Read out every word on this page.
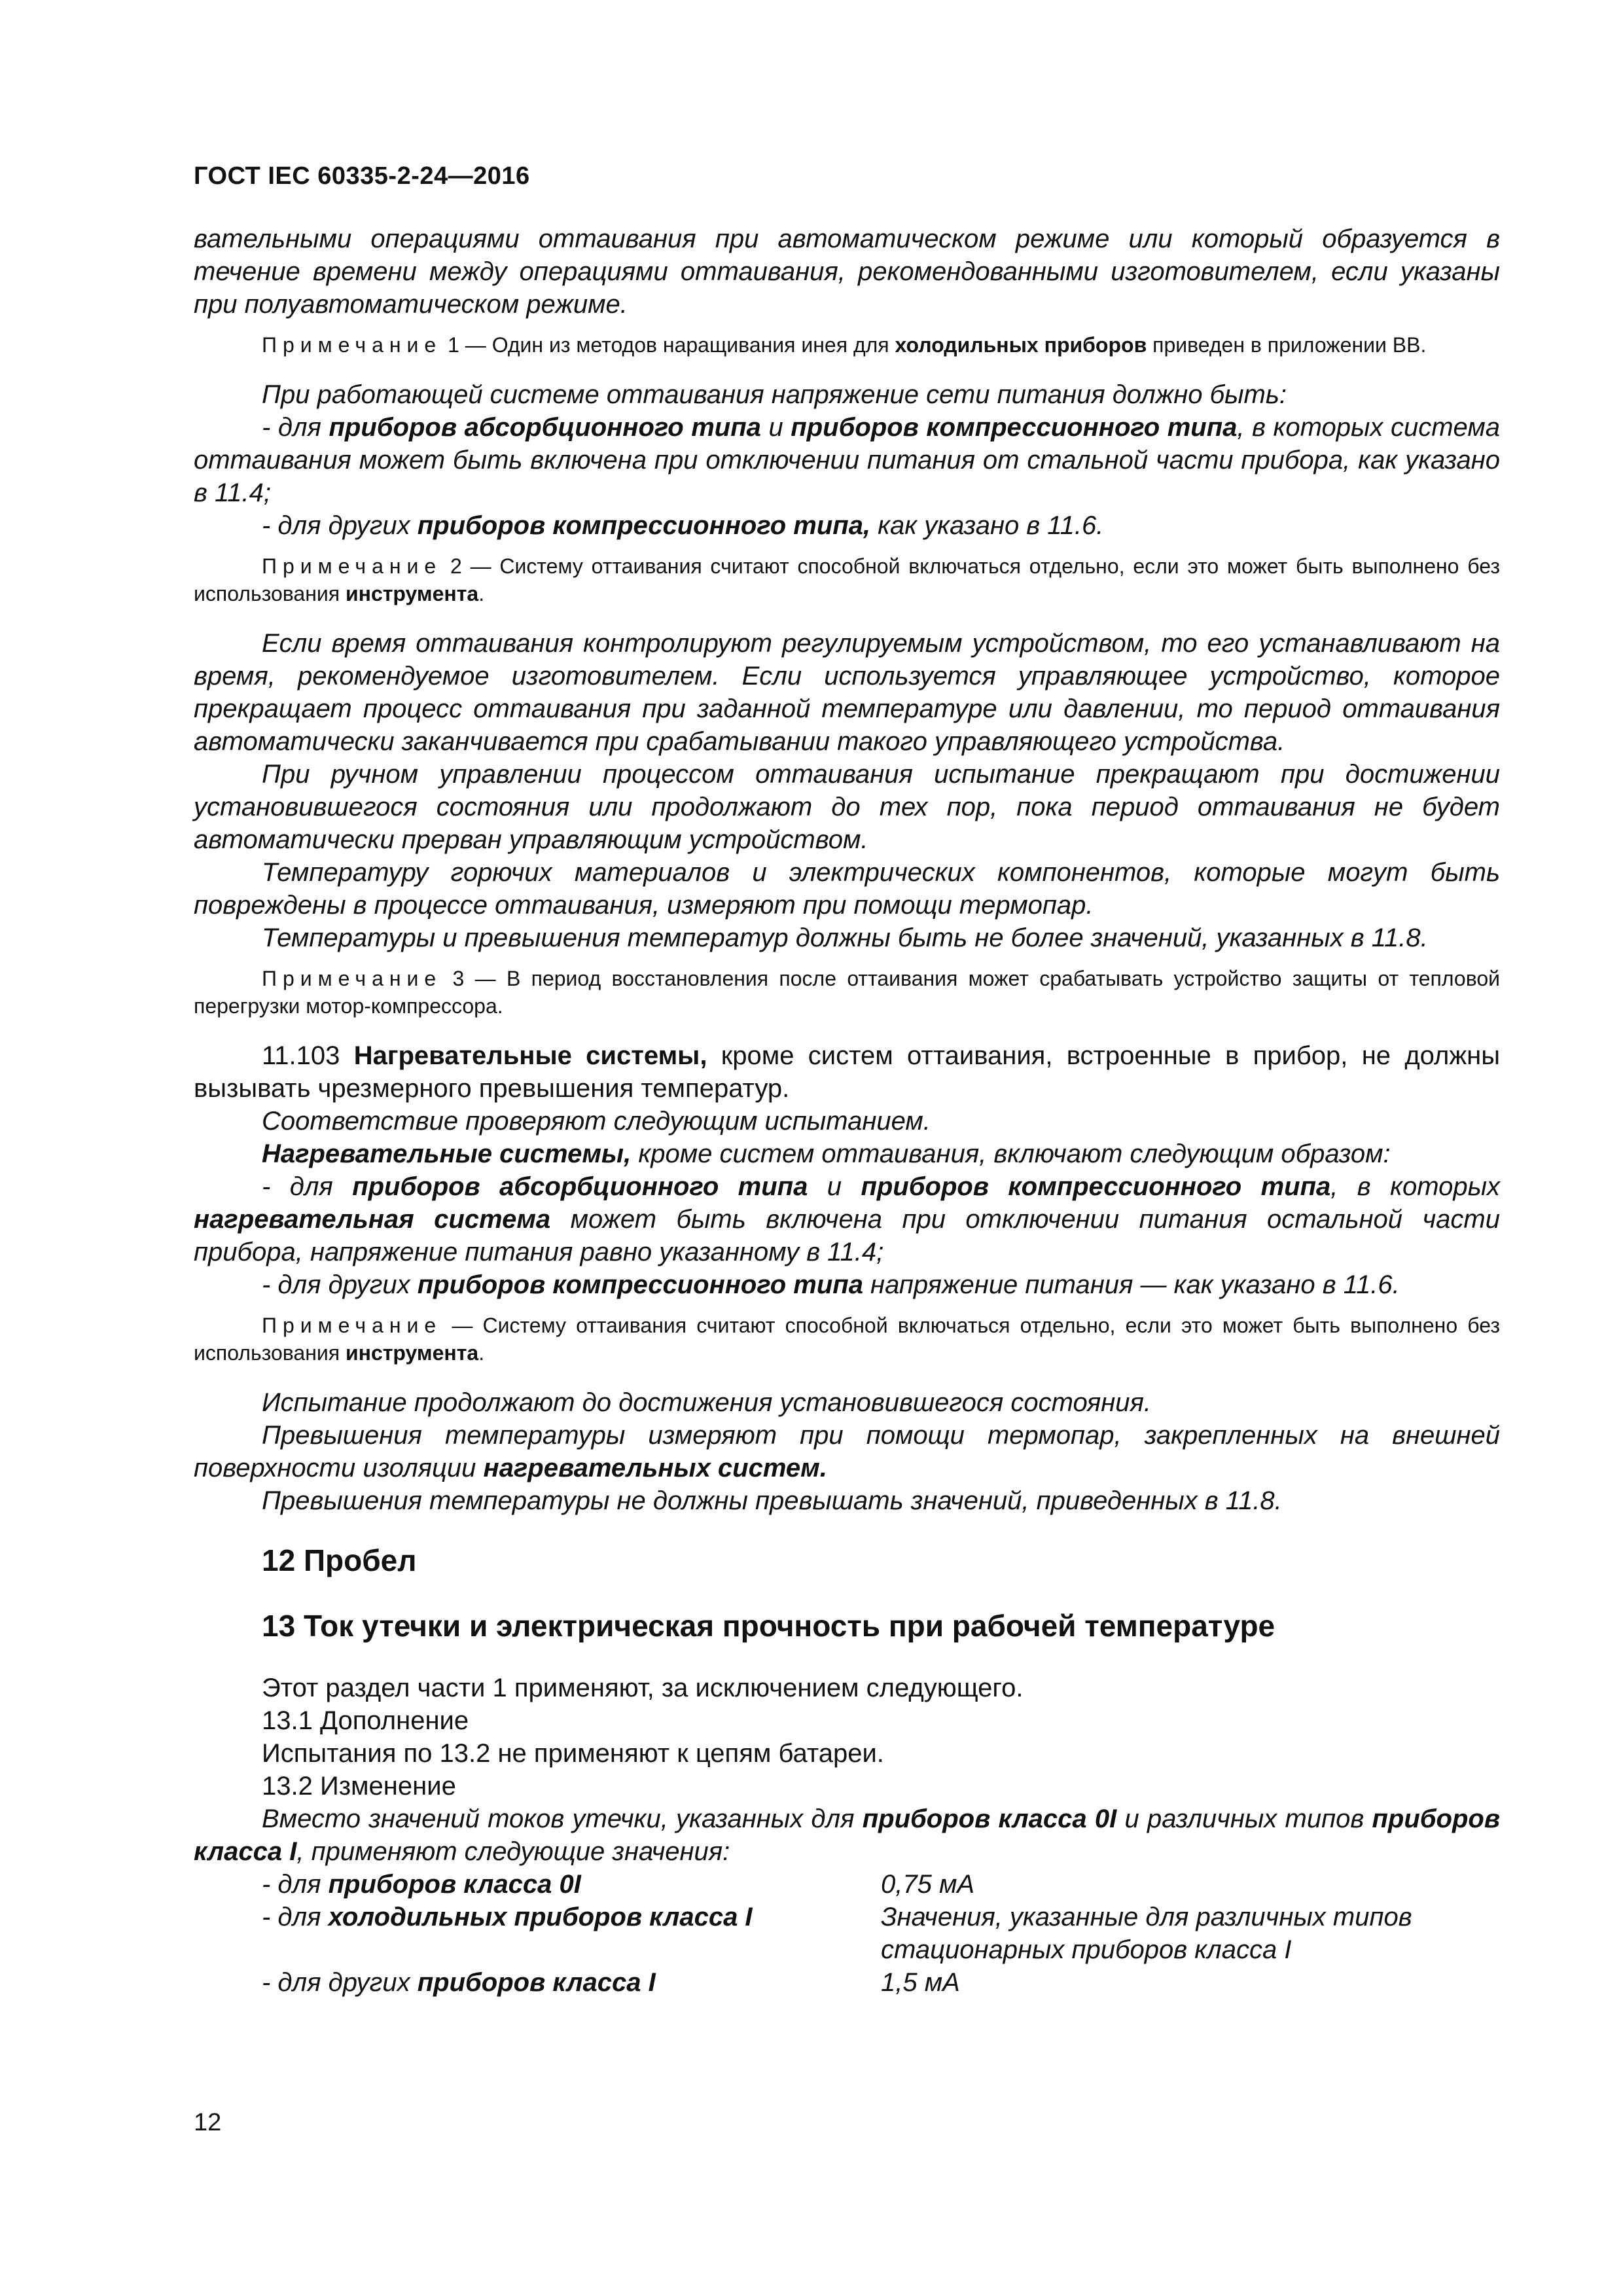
ГОСТ IEC 60335-2-24—2016

вательными операциями оттаивания при автоматическом режиме или который образуется в течение времени между операциями оттаивания, рекомендованными изготовителем, если указаны при полуавтоматическом режиме.

Примечание 1 — Один из методов наращивания инея для холодильных приборов приведен в приложении ВВ.

При работающей системе оттаивания напряжение сети питания должно быть:

- для приборов абсорбционного типа и приборов компрессионного типа, в которых система оттаивания может быть включена при отключении питания от стальной части прибора, как указано в 11.4;

- для других приборов компрессионного типа, как указано в 11.6.

Примечание 2 — Систему оттаивания считают способной включаться отдельно, если это может быть выполнено без использования инструмента.

Если время оттаивания контролируют регулируемым устройством, то его устанавливают на время, рекомендуемое изготовителем. Если используется управляющее устройство, которое прекращает процесс оттаивания при заданной температуре или давлении, то период оттаивания автоматически заканчивается при срабатывании такого управляющего устройства.

При ручном управлении процессом оттаивания испытание прекращают при достижении установившегося состояния или продолжают до тех пор, пока период оттаивания не будет автоматически прерван управляющим устройством.

Температуру горючих материалов и электрических компонентов, которые могут быть повреждены в процессе оттаивания, измеряют при помощи термопар.

Температуры и превышения температур должны быть не более значений, указанных в 11.8.

Примечание 3 — В период восстановления после оттаивания может срабатывать устройство защиты от тепловой перегрузки мотор-компрессора.

11.103 Нагревательные системы, кроме систем оттаивания, встроенные в прибор, не должны вызывать чрезмерного превышения температур.

Соответствие проверяют следующим испытанием.

Нагревательные системы, кроме систем оттаивания, включают следующим образом:

- для приборов абсорбционного типа и приборов компрессионного типа, в которых нагревательная система может быть включена при отключении питания остальной части прибора, напряжение питания равно указанному в 11.4;

- для других приборов компрессионного типа напряжение питания — как указано в 11.6.

Примечание — Систему оттаивания считают способной включаться отдельно, если это может быть выполнено без использования инструмента.

Испытание продолжают до достижения установившегося состояния.

Превышения температуры измеряют при помощи термопар, закрепленных на внешней поверхности изоляции нагревательных систем.

Превышения температуры не должны превышать значений, приведенных в 11.8.

12 Пробел
13 Ток утечки и электрическая прочность при рабочей температуре

Этот раздел части 1 применяют, за исключением следующего.

13.1 Дополнение

Испытания по 13.2 не применяют к цепям батареи.

13.2 Изменение

Вместо значений токов утечки, указанных для приборов класса 0I и различных типов приборов класса I, применяют следующие значения:

- для приборов класса 0I	0,75 мА
- для холодильных приборов класса I	Значения, указанные для различных типов стационарных приборов класса I
- для других приборов класса I	1,5 мА
12
